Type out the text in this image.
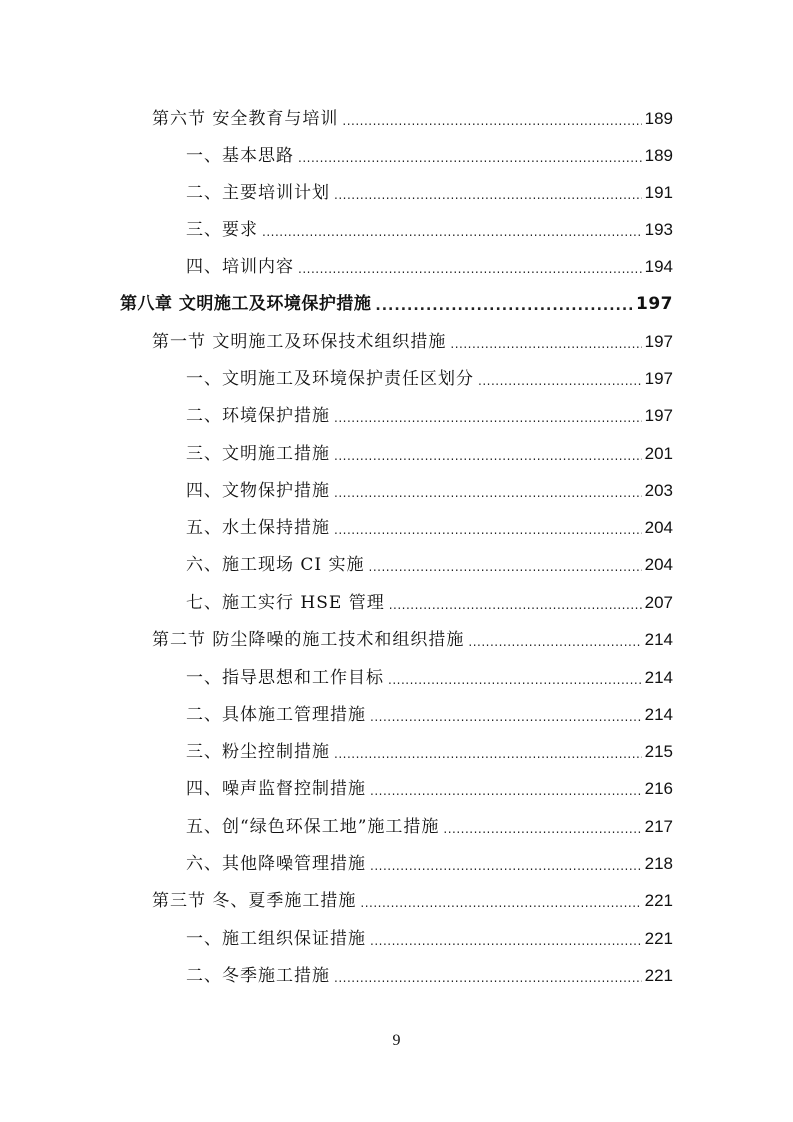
第六节 安全教育与培训 .....	189
一、基本思路 .....	189
二、主要培训计划 .....	191
三、要求 .....	193
四、培训内容 .....	194
第八章 文明施工及环境保护措施 .....	197
第一节 文明施工及环保技术组织措施 .....	197
一、文明施工及环境保护责任区划分 .....	197
二、环境保护措施 .....	197
三、文明施工措施 .....	201
四、文物保护措施 .....	203
五、水土保持措施 .....	204
六、施工现场 CI 实施 .....	204
七、施工实行 HSE 管理 .....	207
第二节 防尘降噪的施工技术和组织措施 .....	214
一、指导思想和工作目标 .....	214
二、具体施工管理措施 .....	214
三、粉尘控制措施 .....	215
四、噪声监督控制措施 .....	216
五、创“绿色环保工地”施工措施 .....	217
六、其他降噪管理措施 .....	218
第三节 冬、夏季施工措施 .....	221
一、施工组织保证措施 .....	221
二、冬季施工措施 .....	221
9
